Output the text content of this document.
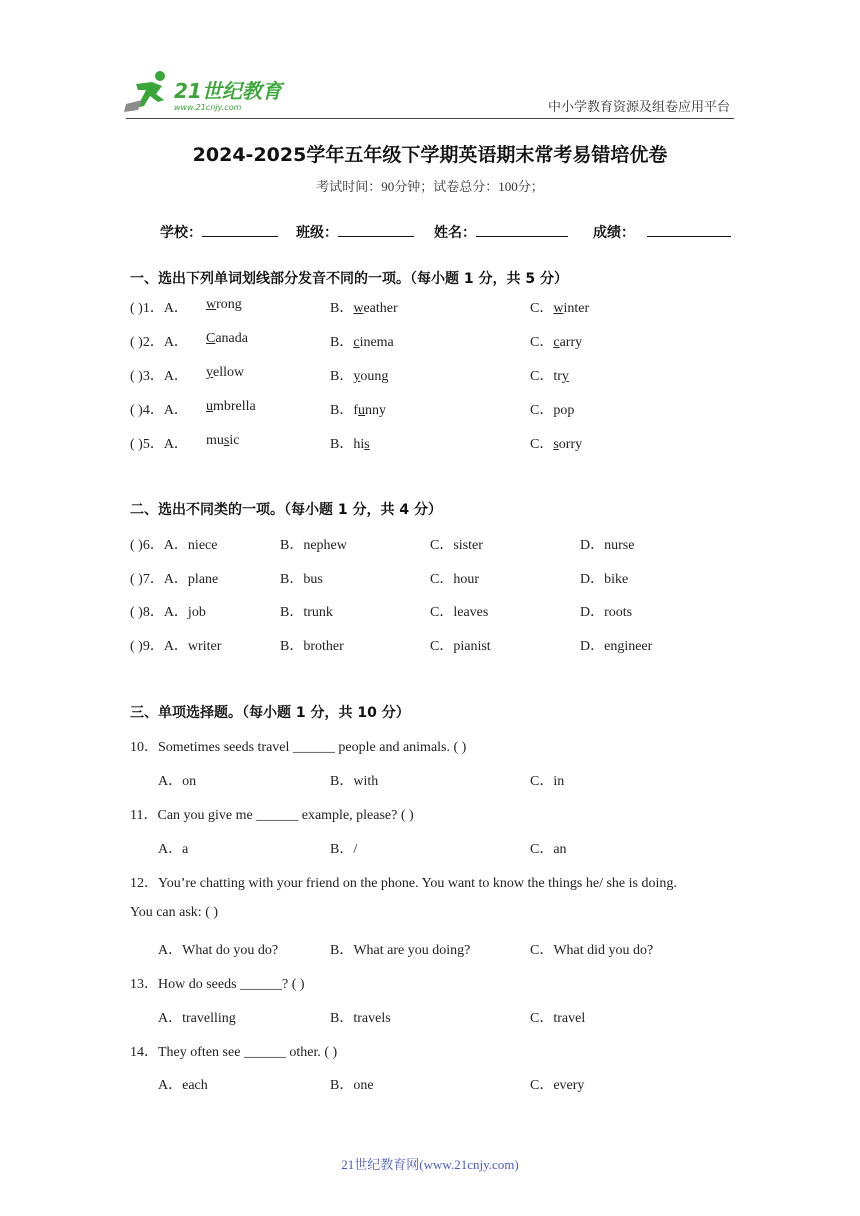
21世纪教育
www.21cnjy.com	中小学教育资源及组卷应用平台
2024-2025学年五年级下学期英语期末常考易错培优卷
考试时间：90分钟；试卷总分：100分；
学校：	班级：	姓名：	成绩：
一、选出下列单词划线部分发音不同的一项。（每小题 1 分，共 5 分）
( )1．A． wrong	B．weather	C．winter
( )2．A． Canada	B．cinema	C．carry
( )3．A． yellow	B．young	C．try
( )4．A． umbrella	B．funny	C．pop
( )5．A． music	B．his	C．sorry
二、选出不同类的一项。（每小题 1 分，共 4 分）
( )6．A．niece	B．nephew	C．sister	D．nurse
( )7．A．plane	B．bus	C．hour	D．bike
( )8．A．job	B．trunk	C．leaves	D．roots
( )9．A．writer	B．brother	C．pianist	D．engineer
三、单项选择题。（每小题 1 分，共 10 分）
10．Sometimes seeds travel ______ people and animals. ( )
A．on	B．with	C．in
11．Can you give me ______ example, please? ( )
A．a	B．/	C．an
12．You’re chatting with your friend on the phone. You want to know the things he/ she is doing.
You can ask: ( )
A．What do you do?	B．What are you doing?	C．What did you do?
13．How do seeds ______? ( )
A．travelling	B．travels	C．travel
14．They often see ______ other. ( )
A．each	B．one	C．every
21世纪教育网(www.21cnjy.com)
